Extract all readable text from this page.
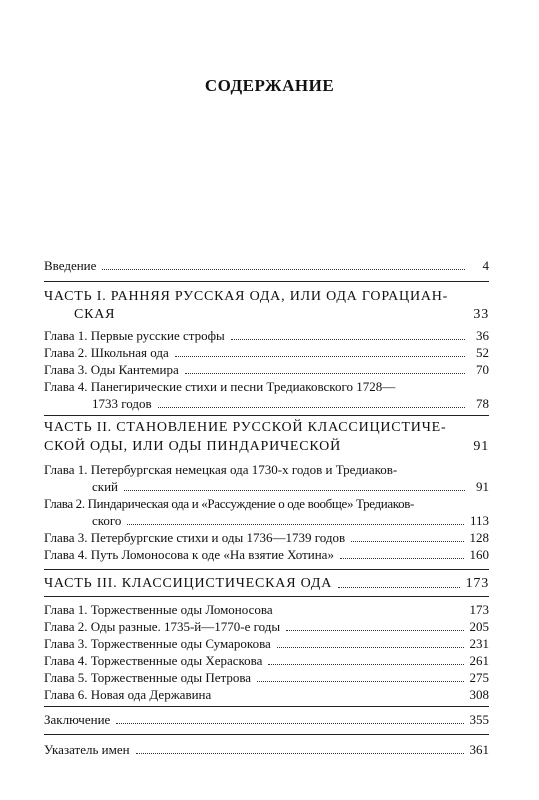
СОДЕРЖАНИЕ
Введение	4
ЧАСТЬ I. РАННЯЯ РУССКАЯ ОДА, ИЛИ ОДА ГОРАЦИАН-
СКАЯ	33
Глава 1. Первые русские строфы	36
Глава 2. Школьная ода	52
Глава 3. Оды Кантемира	70
Глава 4. Панегирические стихи и песни Тредиаковского 1728—
1733 годов	78
ЧАСТЬ II. СТАНОВЛЕНИЕ РУССКОЙ КЛАССИЦИСТИЧЕ-
СКОЙ ОДЫ, ИЛИ ОДЫ ПИНДАРИЧЕСКОЙ	91
Глава 1. Петербургская немецкая ода 1730-х годов и Тредиаков-
ский	91
Глава 2. Пиндарическая ода и «Рассуждение о оде вообще» Тредиаков-
ского	113
Глава 3. Петербургские стихи и оды 1736—1739 годов	128
Глава 4. Путь Ломоносова к оде «На взятие Хотина»	160
ЧАСТЬ III. КЛАССИЦИСТИЧЕСКАЯ ОДА	173
Глава 1. Торжественные оды Ломоносова	173
Глава 2. Оды разные. 1735-й—1770-е годы	205
Глава 3. Торжественные оды Сумарокова	231
Глава 4. Торжественные оды Хераскова	261
Глава 5. Торжественные оды Петрова	275
Глава 6. Новая ода Державина	308
Заключение	355
Указатель имен	361
